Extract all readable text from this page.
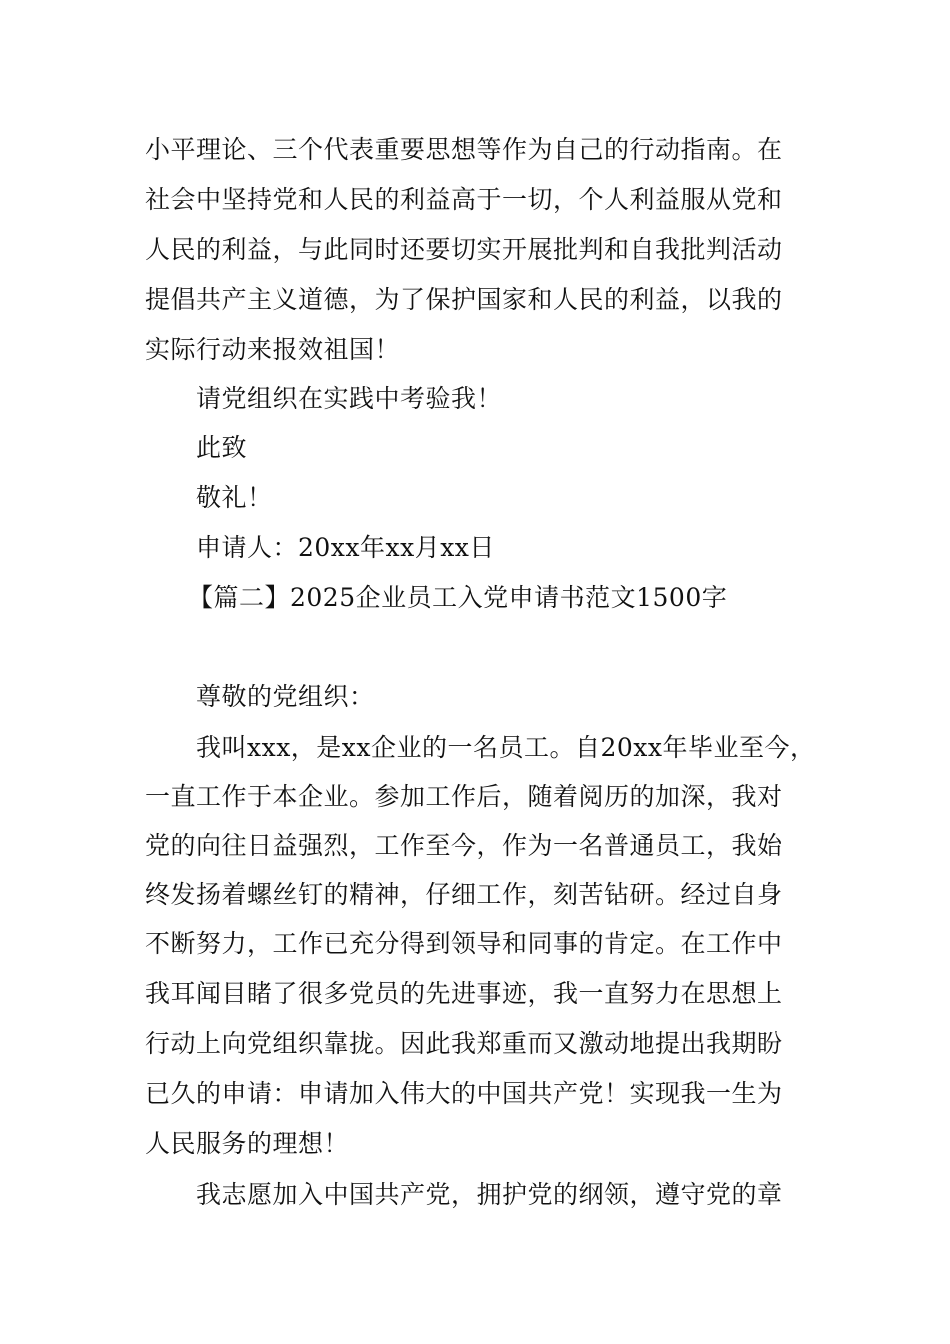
小平理论、三个代表重要思想等作为自己的行动指南。在
社会中坚持党和人民的利益高于一切，个人利益服从党和
人民的利益，与此同时还要切实开展批判和自我批判活动
提倡共产主义道德，为了保护国家和人民的利益，以我的
实际行动来报效祖国！
请党组织在实践中考验我！
此致
敬礼！
申请人：20xx年xx月xx日
【篇二】2025企业员工入党申请书范文1500字
尊敬的党组织：
我叫xxx，是xx企业的一名员工。自20xx年毕业至今，
一直工作于本企业。参加工作后，随着阅历的加深，我对
党的向往日益强烈，工作至今，作为一名普通员工，我始
终发扬着螺丝钉的精神，仔细工作，刻苦钻研。经过自身
不断努力，工作已充分得到领导和同事的肯定。在工作中
我耳闻目睹了很多党员的先进事迹，我一直努力在思想上
行动上向党组织靠拢。因此我郑重而又激动地提出我期盼
已久的申请：申请加入伟大的中国共产党！实现我一生为
人民服务的理想！
我志愿加入中国共产党，拥护党的纲领，遵守党的章
